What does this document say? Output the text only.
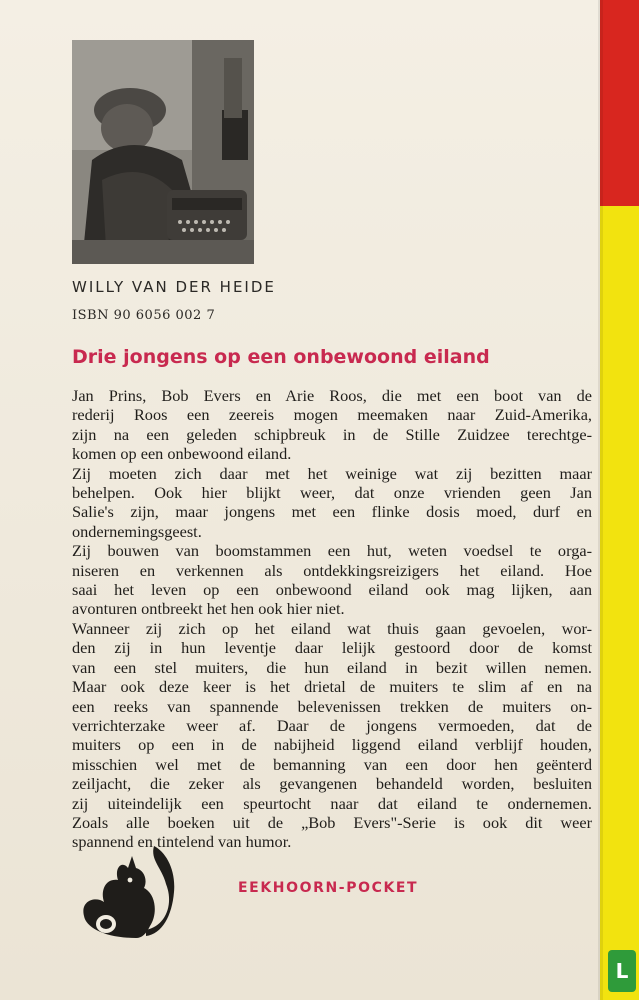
WILLY VAN DER HEIDE
ISBN 90 6056 002 7
Drie jongens op een onbewoond eiland
Jan Prins, Bob Evers en Arie Roos, die met een boot van de
rederij Roos een zeereis mogen meemaken naar Zuid-Amerika,
zijn na een geleden schipbreuk in de Stille Zuidzee terechtge-
komen op een onbewoond eiland.
Zij moeten zich daar met het weinige wat zij bezitten maar
behelpen. Ook hier blijkt weer, dat onze vrienden geen Jan
Salie's zijn, maar jongens met een flinke dosis moed, durf en
ondernemingsgeest.
Zij bouwen van boomstammen een hut, weten voedsel te orga-
niseren en verkennen als ontdekkingsreizigers het eiland. Hoe
saai het leven op een onbewoond eiland ook mag lijken, aan
avonturen ontbreekt het hen ook hier niet.
Wanneer zij zich op het eiland wat thuis gaan gevoelen, wor-
den zij in hun leventje daar lelijk gestoord door de komst
van een stel muiters, die hun eiland in bezit willen nemen.
Maar ook deze keer is het drietal de muiters te slim af en na
een reeks van spannende belevenissen trekken de muiters on-
verrichterzake weer af. Daar de jongens vermoeden, dat de
muiters op een in de nabijheid liggend eiland verblijf houden,
misschien wel met de bemanning van een door hen geënterd
zeiljacht, die zeker als gevangenen behandeld worden, besluiten
zij uiteindelijk een speurtocht naar dat eiland te ondernemen.
Zoals alle boeken uit de „Bob Evers"-Serie is ook dit weer
spannend en tintelend van humor.
EEKHOORN-POCKET
L
